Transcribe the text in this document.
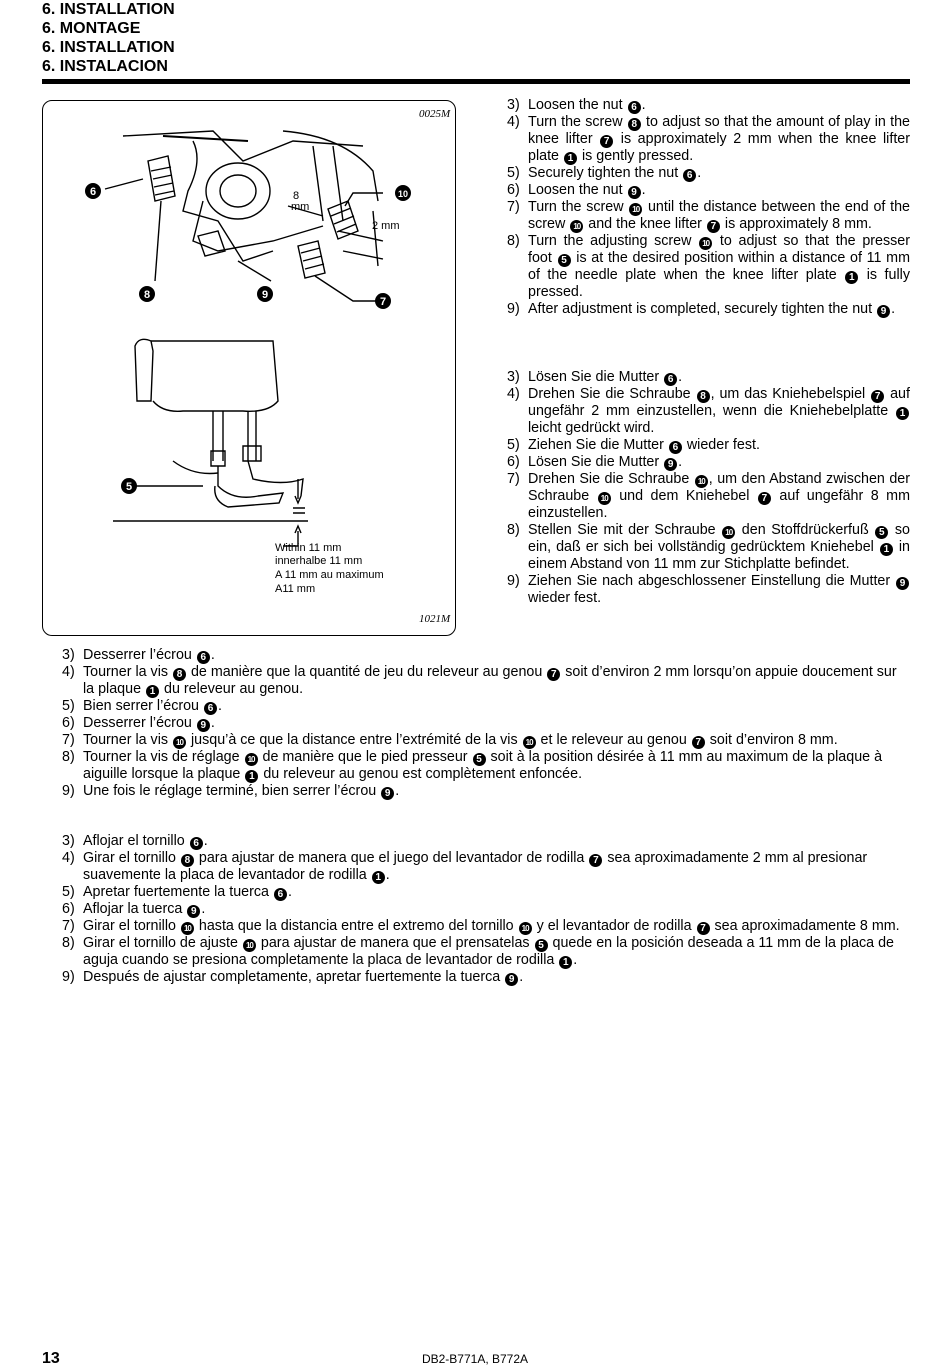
6. INSTALLATION
6. MONTAGE
6. INSTALLATION
6. INSTALACION
0025M
1021M
6
8	9
7
10
5
8
mm
2 mm
Within 11 mm
innerhalbe 11 mm
A 11 mm au maximum
A11 mm
3) Loosen the nut 6 .
4) Turn the screw 8 to adjust so that the amount of play in the knee lifter 7 is approximately 2 mm when the knee lifter plate 1 is gently pressed.
5) Securely tighten the nut 6 .
6) Loosen the nut 9 .
7) Turn the screw 10 until the distance between the end of the screw 10 and the knee lifter 7 is approximately 8 mm.
8) Turn the adjusting screw 10 to adjust so that the presser foot 5 is at the desired position within a distance of 11 mm of the needle plate when the knee lifter plate 1 is fully pressed.
9) After adjustment is completed, securely tighten the nut 9 .
3) Lösen Sie die Mutter 6 .
4) Drehen Sie die Schraube 8 , um das Kniehebelspiel 7 auf ungefähr 2 mm einzustellen, wenn die Kniehebelplatte 1 leicht gedrückt wird.
5) Ziehen Sie die Mutter 6 wieder fest.
6) Lösen Sie die Mutter 9 .
7) Drehen Sie die Schraube 10 , um den Abstand zwischen der Schraube 10 und dem Kniehebel 7 auf ungefähr 8 mm einzustellen.
8) Stellen Sie mit der Schraube 10 den Stoffdrückerfuß 5 so ein, daß er sich bei vollständig gedrücktem Kniehebel 1 in einem Abstand von 11 mm zur Stichplatte befindet.
9) Ziehen Sie nach abgeschlossener Einstellung die Mutter 9 wieder fest.
3) Desserrer l’écrou 6 .
4) Tourner la vis 8 de manière que la quantité de jeu du releveur au genou 7 soit d’environ 2 mm lorsqu’on appuie doucement sur la plaque 1 du releveur au genou.
5) Bien serrer l’écrou 6 .
6) Desserrer l’écrou 9 .
7) Tourner la vis 10 jusqu’à ce que la distance entre l’extrémité de la vis 10 et le releveur au genou 7 soit d’environ 8 mm.
8) Tourner la vis de réglage 10 de manière que le pied presseur 5 soit à la position désirée à 11 mm au maximum de la plaque à aiguille lorsque la plaque 1 du releveur au genou est complètement enfoncée.
9) Une fois le réglage terminé, bien serrer l’écrou 9 .
3) Aflojar el tornillo 6 .
4) Girar el tornillo 8 para ajustar de manera que el juego del levantador de rodilla 7 sea aproximadamente 2 mm al presionar suavemente la placa de levantador de rodilla 1 .
5) Apretar fuertemente la tuerca 6 .
6) Aflojar la tuerca 9 .
7) Girar el tornillo 10 hasta que la distancia entre el extremo del tornillo 10 y el levantador de rodilla 7 sea aproximadamente 8 mm.
8) Girar el tornillo de ajuste 10 para ajustar de manera que el prensatelas 5 quede en la posición deseada a 11 mm de la placa de aguja cuando se presiona completamente la placa de levantador de rodilla 1 .
9) Después de ajustar completamente, apretar fuertemente la tuerca 9 .
13	DB2-B771A, B772A
